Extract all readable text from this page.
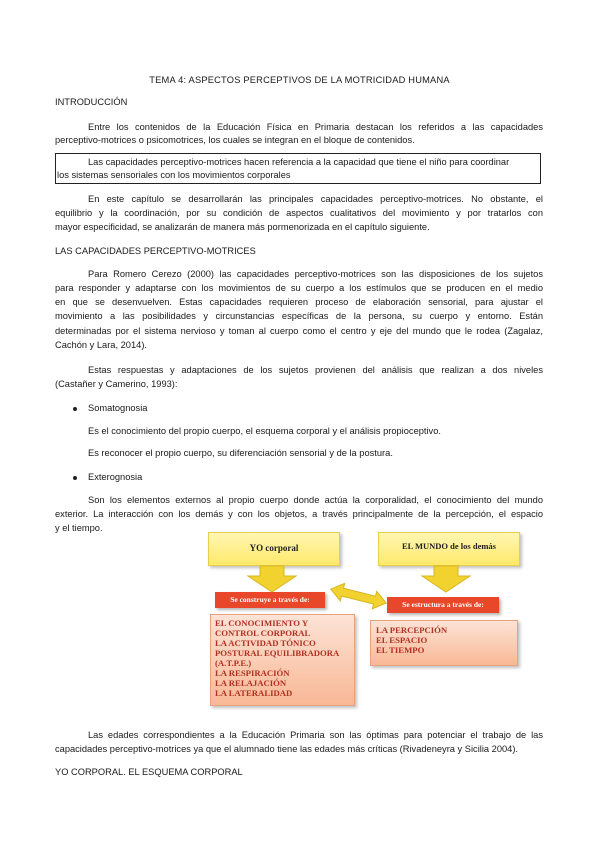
TEMA 4: ASPECTOS PERCEPTIVOS DE LA MOTRICIDAD HUMANA
INTRODUCCIÓN
Entre los contenidos de la Educación Física en Primaria destacan los referidos a las capacidades
perceptivo-motrices o psicomotrices, los cuales se integran en el bloque de contenidos.
Las capacidades perceptivo-motrices hacen referencia a la capacidad que tiene el niño para coordinar
los sistemas sensoriales con los movimientos corporales
En este capítulo se desarrollarán las principales capacidades perceptivo-motrices. No obstante, el
equilibrio y la coordinación, por su condición de aspectos cualitativos del movimiento y por tratarlos con
mayor especificidad, se analizarán de manera más pormenorizada en el capítulo siguiente.
LAS CAPACIDADES PERCEPTIVO-MOTRICES
Para Romero Cerezo (2000) las capacidades perceptivo-motrices son las disposiciones de los sujetos
para responder y adaptarse con los movimientos de su cuerpo a los estímulos que se producen en el medio
en que se desenvuelven. Estas capacidades requieren proceso de elaboración sensorial, para ajustar el
movimiento a las posibilidades y circunstancias específicas de la persona, su cuerpo y entorno. Están
determinadas por el sistema nervioso y toman al cuerpo como el centro y eje del mundo que le rodea (Zagalaz,
Cachón y Lara, 2014).
Estas respuestas y adaptaciones de los sujetos provienen del análisis que realizan a dos niveles
(Castañer y Camerino, 1993):
Somatognosia
Es el conocimiento del propio cuerpo, el esquema corporal y el análisis propioceptivo.
Es reconocer el propio cuerpo, su diferenciación sensorial y de la postura.
Exterognosia
Son los elementos externos al propio cuerpo donde actúa la corporalidad, el conocimiento del mundo
exterior. La interacción con los demás y con los objetos, a través principalmente de la percepción, el espacio
y el tiempo.
YO corporal	EL MUNDO de los demás
Se construye a través de:
Se estructura a través de:
EL CONOCIMIENTO Y
CONTROL CORPORAL
LA ACTIVIDAD TÓNICO
POSTURAL EQUILIBRADORA
(A.T.P.E.)
LA RESPIRACIÓN
LA RELAJACIÓN
LA LATERALIDAD
LA PERCEPCIÓN
EL ESPACIO
EL TIEMPO
Las edades correspondientes a la Educación Primaria son las óptimas para potenciar el trabajo de las
capacidades perceptivo-motrices ya que el alumnado tiene las edades más críticas (Rivadeneyra y Sicilia 2004).
YO CORPORAL. EL ESQUEMA CORPORAL
